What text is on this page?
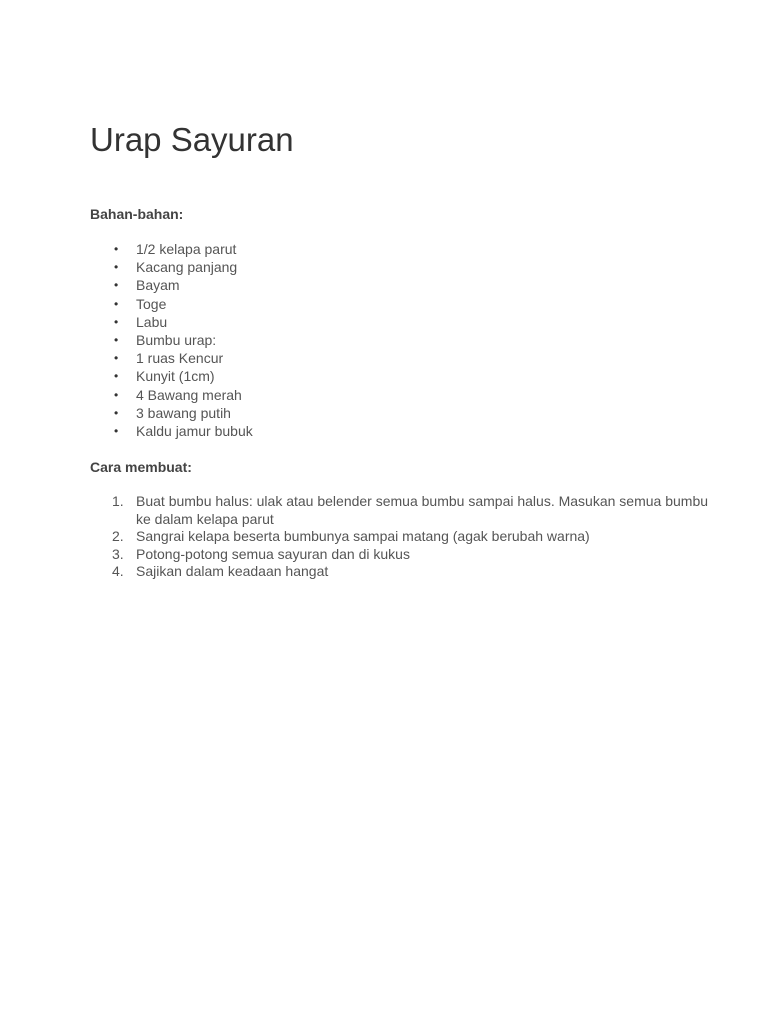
Urap Sayuran
Bahan-bahan:
•	1/2 kelapa parut
•	Kacang panjang
•	Bayam
•	Toge
•	Labu
•	Bumbu urap:
•	1 ruas Kencur
•	Kunyit (1cm)
•	4 Bawang merah
•	3 bawang putih
•	Kaldu jamur bubuk
Cara membuat:
1. Buat bumbu halus: ulak atau belender semua bumbu sampai halus. Masukan semua bumbu ke dalam kelapa parut
2. Sangrai kelapa beserta bumbunya sampai matang (agak berubah warna)
3. Potong-potong semua sayuran dan di kukus
4. Sajikan dalam keadaan hangat
